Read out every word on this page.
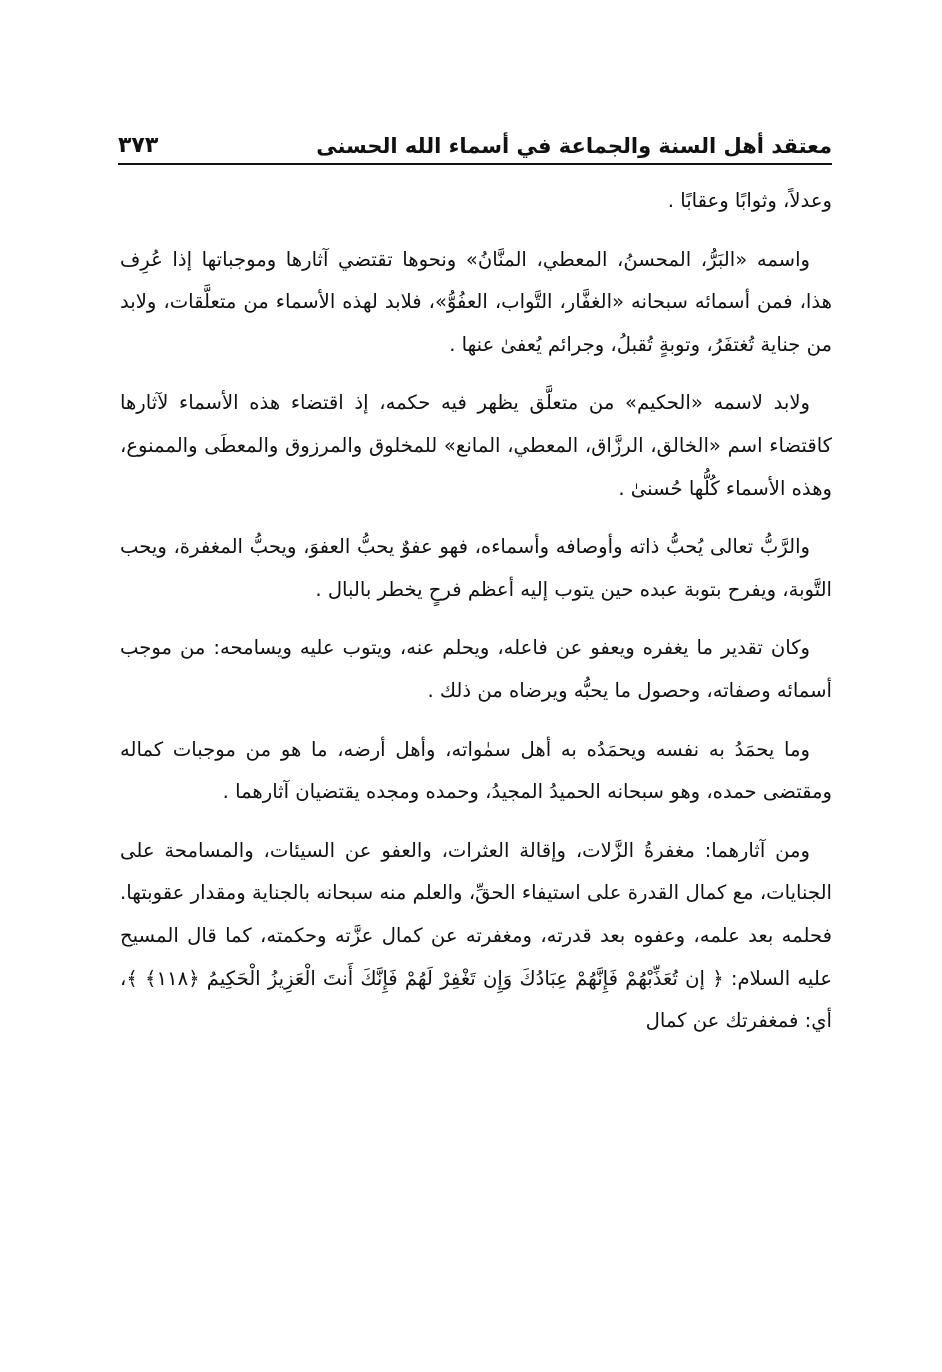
معتقد أهل السنة والجماعة في أسماء الله الحسنى
٣٧٣

وعدلاً، وثوابًا وعقابًا .

واسمه «البَرُّ، المحسنُ، المعطي، المنَّانُ» ونحوها تقتضي آثارها وموجباتها إذا عُرِف هذا، فمن أسمائه سبحانه «الغفَّار، التَّواب، العفُوُّ»، فلابد لهذه الأسماء من متعلَّقات، ولابد من جناية تُغتفَرُ، وتوبةٍ تُقبلُ، وجرائم يُعفىٰ عنها .

ولابد لاسمه «الحكيم» من متعلَّق يظهر فيه حكمه، إذ اقتضاء هذه الأسماء لآثارها كاقتضاء اسم «الخالق، الرزَّاق، المعطي، المانع» للمخلوق والمرزوق والمعطَى والممنوع، وهذه الأسماء كُلُّها حُسنىٰ .

والرَّبُّ تعالى يُحبُّ ذاته وأوصافه وأسماءه، فهو عفوٌ يحبُّ العفوَ، ويحبُّ المغفرة، ويحب التَّوبة، ويفرح بتوبة عبده حين يتوب إليه أعظم فرحٍ يخطر بالبال .

وكان تقدير ما يغفره ويعفو عن فاعله، ويحلم عنه، ويتوب عليه ويسامحه: من موجب أسمائه وصفاته، وحصول ما يحبُّه ويرضاه من ذلك .

وما يحمَدُ به نفسه ويحمَدُه به أهل سمٰواته، وأهل أرضه، ما هو من موجبات كماله ومقتضى حمده، وهو سبحانه الحميدُ المجيدُ، وحمده ومجده يقتضيان آثارهما .

ومن آثارهما: مغفرةُ الزَّلات، وإقالة العثرات، والعفو عن السيئات، والمسامحة على الجنايات، مع كمال القدرة على استيفاء الحقِّ، والعلم منه سبحانه بالجناية ومقدار عقوبتها. فحلمه بعد علمه، وعفوه بعد قدرته، ومغفرته عن كمال عزَّته وحكمته، كما قال المسيح عليه السلام: ﴿ إن تُعَذِّبْهُمْ فَإِنَّهُمْ عِبَادُكَ وَإِن تَغْفِرْ لَهُمْ فَإِنَّكَ أَنتَ الْعَزِيزُ الْحَكِيمُ ﴿١١٨﴾ ﴾، أي: فمغفرتك عن كمال
